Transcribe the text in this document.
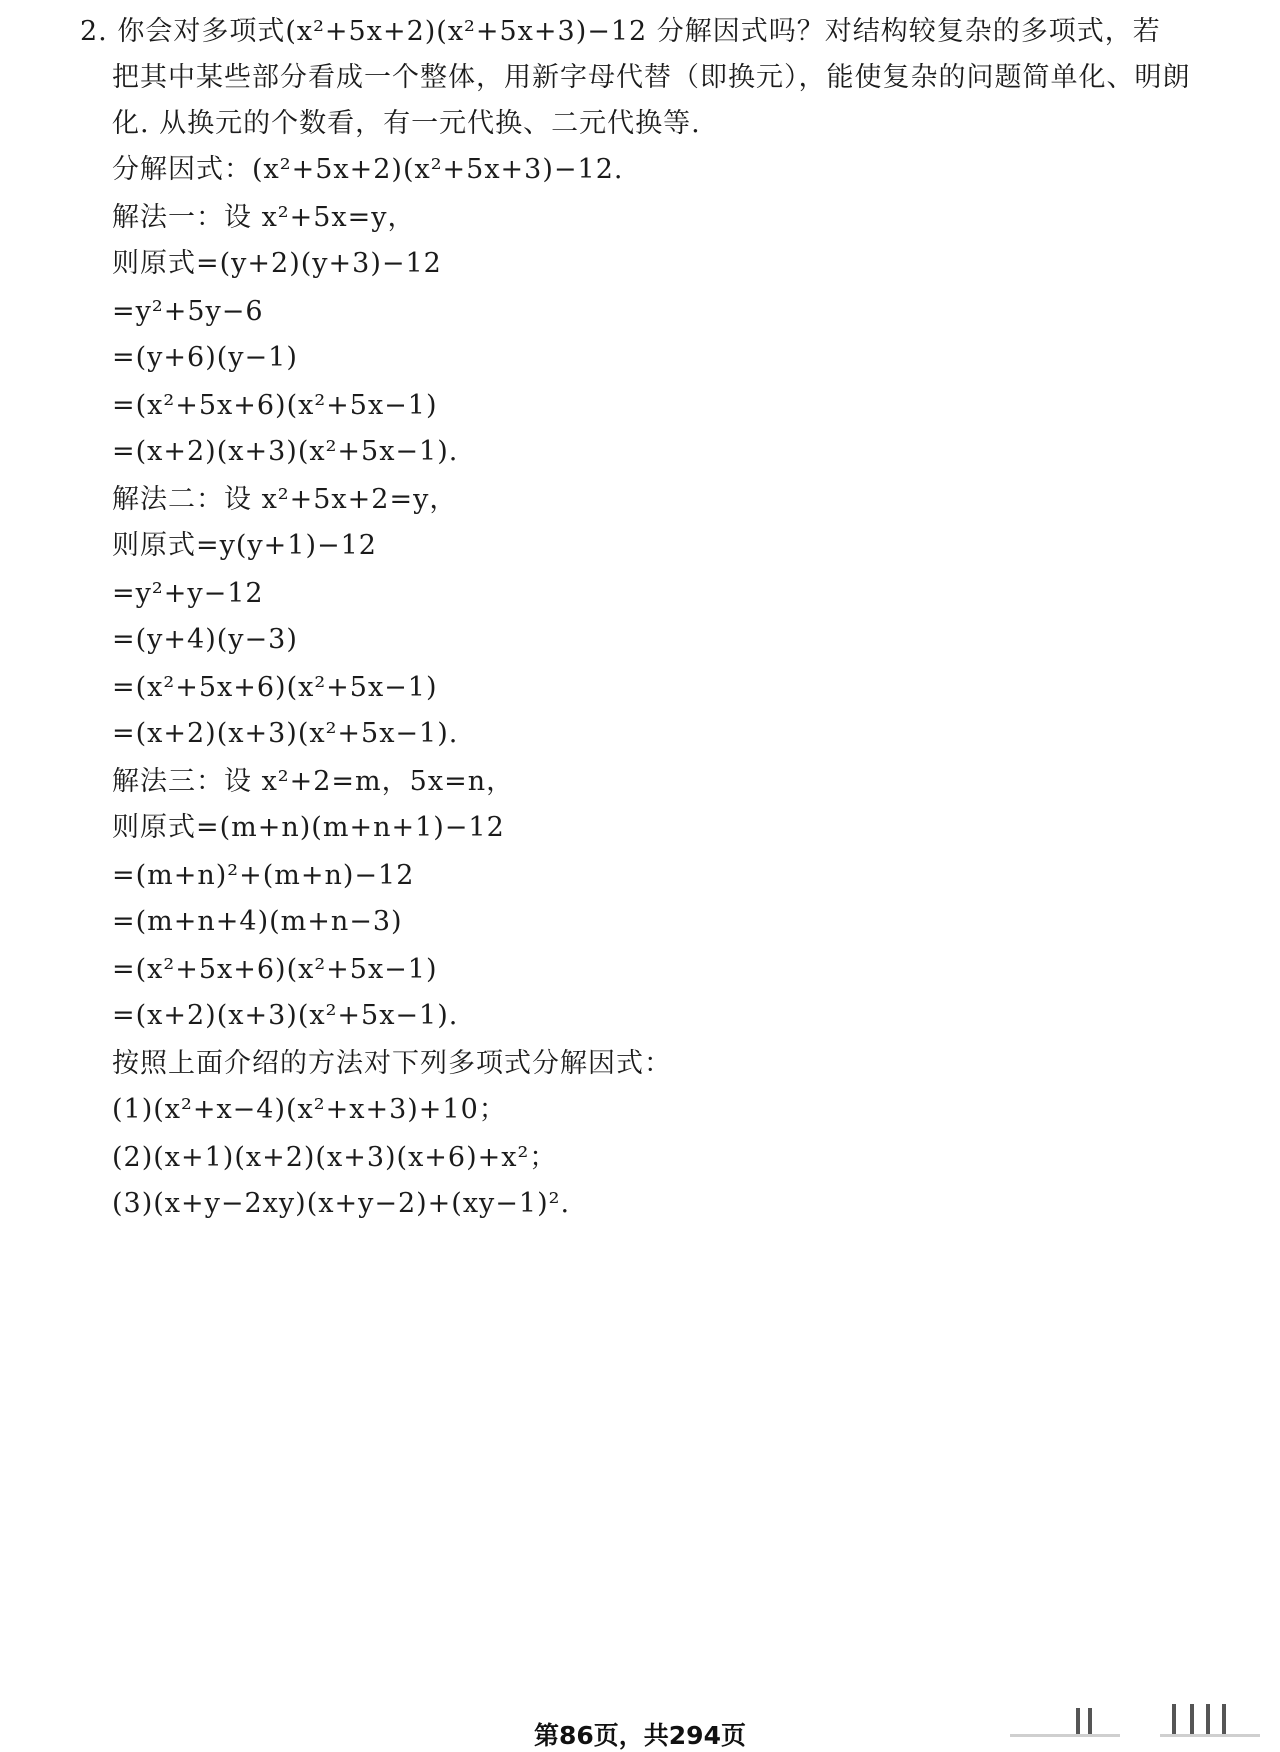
2. 你会对多项式(x²+5x+2)(x²+5x+3)−12 分解因式吗？对结构较复杂的多项式，若
把其中某些部分看成一个整体，用新字母代替（即换元），能使复杂的问题简单化、明朗
化. 从换元的个数看，有一元代换、二元代换等.
分解因式：(x²+5x+2)(x²+5x+3)−12.
解法一：设 x²+5x=y，
则原式=(y+2)(y+3)−12
=y²+5y−6
=(y+6)(y−1)
=(x²+5x+6)(x²+5x−1)
=(x+2)(x+3)(x²+5x−1).
解法二：设 x²+5x+2=y，
则原式=y(y+1)−12
=y²+y−12
=(y+4)(y−3)
=(x²+5x+6)(x²+5x−1)
=(x+2)(x+3)(x²+5x−1).
解法三：设 x²+2=m，5x=n，
则原式=(m+n)(m+n+1)−12
=(m+n)²+(m+n)−12
=(m+n+4)(m+n−3)
=(x²+5x+6)(x²+5x−1)
=(x+2)(x+3)(x²+5x−1).
按照上面介绍的方法对下列多项式分解因式：
(1)(x²+x−4)(x²+x+3)+10；
(2)(x+1)(x+2)(x+3)(x+6)+x²；
(3)(x+y−2xy)(x+y−2)+(xy−1)².
第86页，共294页
